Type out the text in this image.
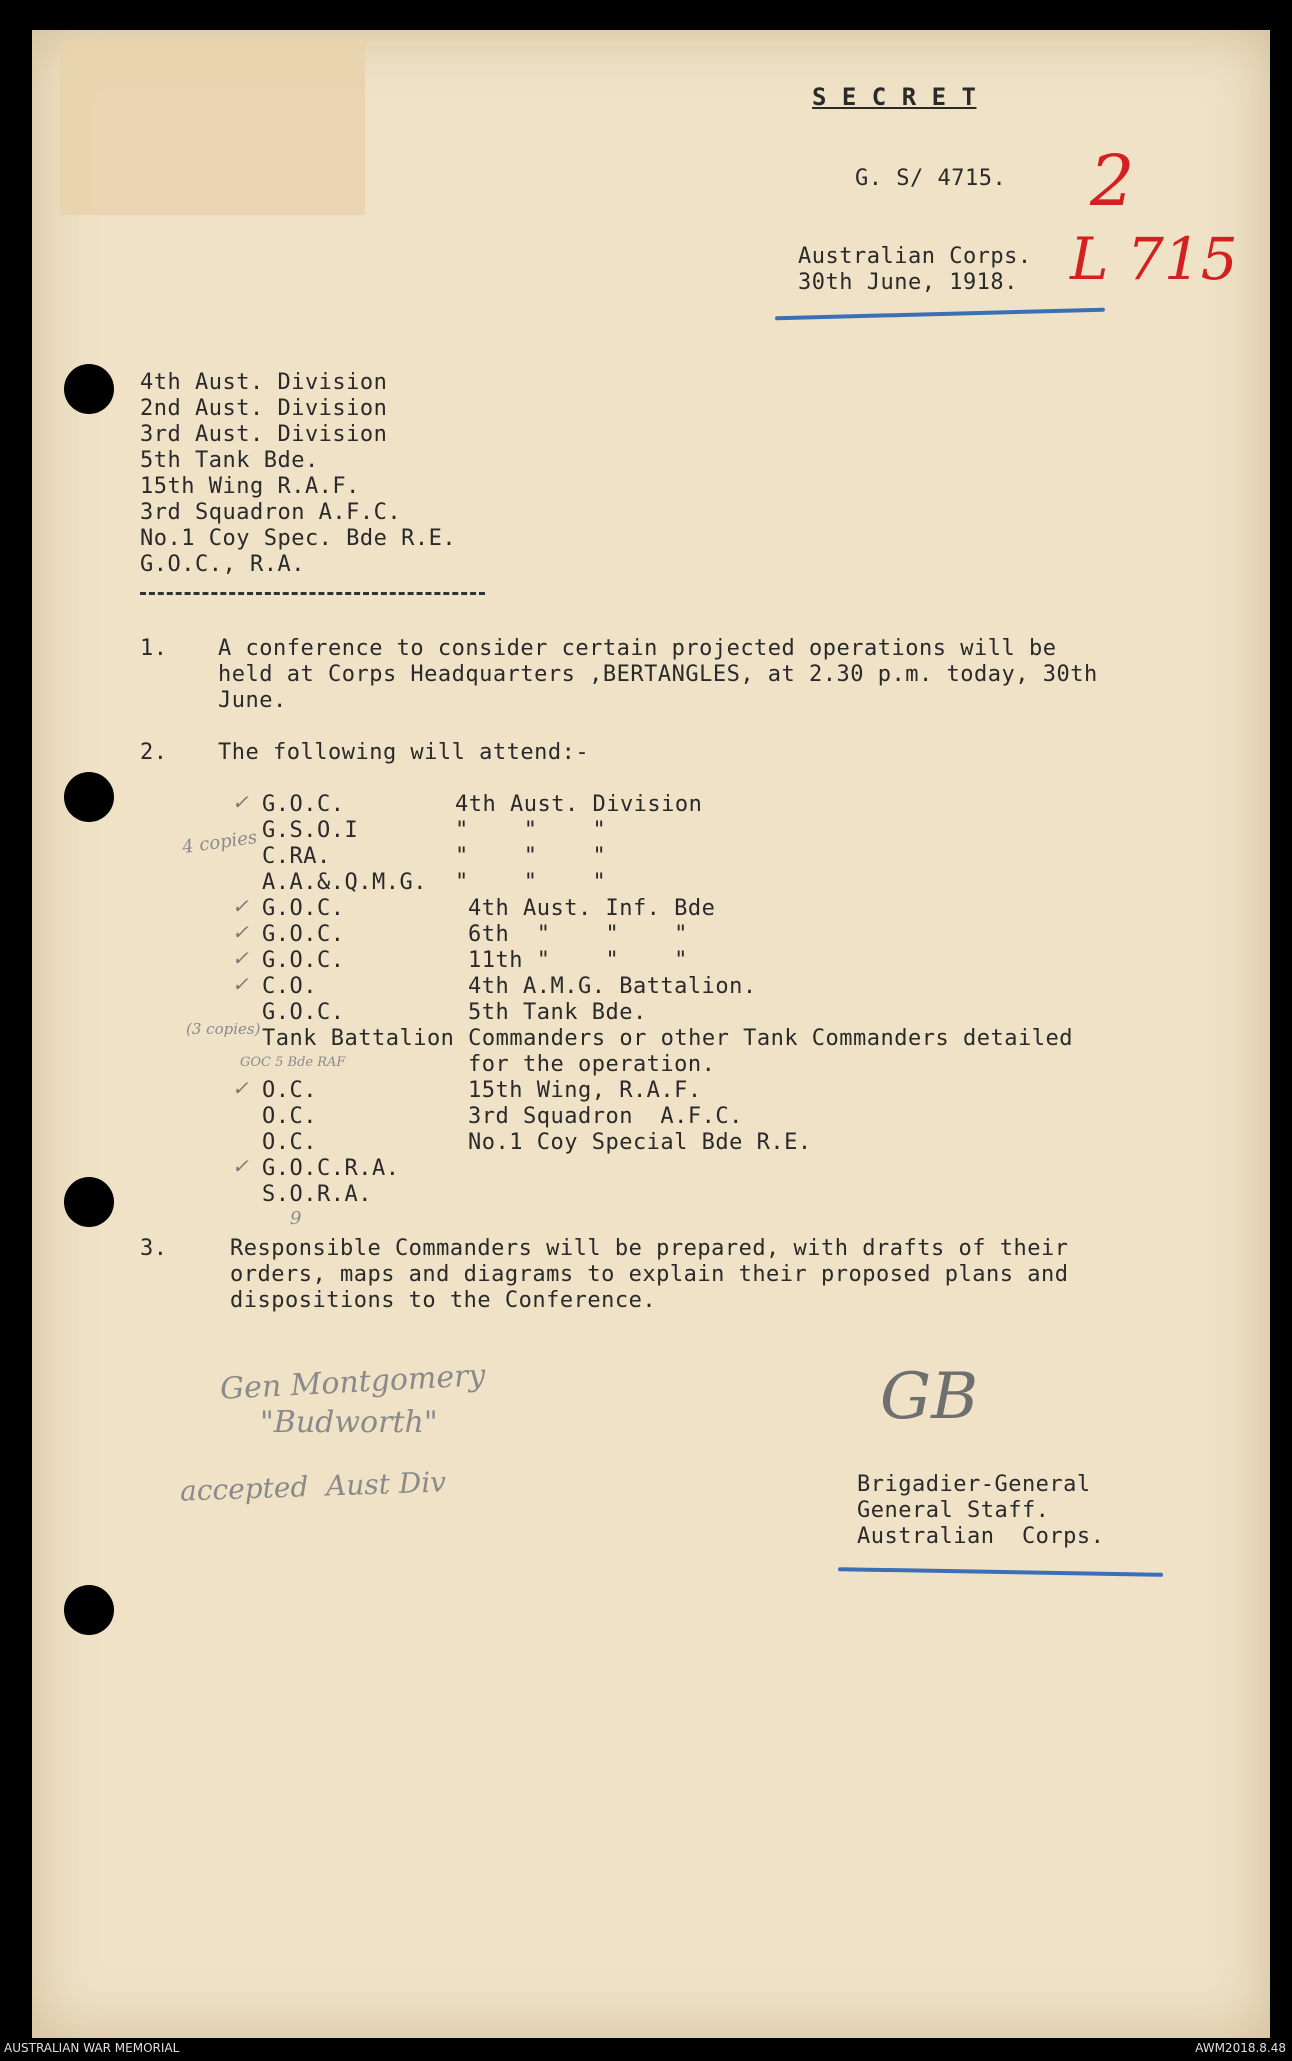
S E C R E T
G. S/ 4715.
Australian Corps.
30th June, 1918.
2
L 715
4th Aust. Division
2nd Aust. Division
3rd Aust. Division
5th Tank Bde.
15th Wing R.A.F.
3rd Squadron A.F.C.
No.1 Coy Spec. Bde R.E.
G.O.C., R.A.
1. A conference to consider certain projected operations will be
held at Corps Headquarters ,BERTANGLES, at 2.30 p.m. today, 30th
June.
2. The following will attend:-
G.O.C.	4th Aust. Division
G.S.O.I	"    "    "
C.RA.	"    "    "
A.A.&.Q.M.G. "    "    "
G.O.C.	4th Aust. Inf. Bde
G.O.C.	6th  "    "    "
G.O.C.	11th "    "    "
C.O.	4th A.M.G. Battalion.
G.O.C.	5th Tank Bde.
Tank Battalion Commanders or other Tank Commanders detailed
for the operation.
O.C.	15th Wing, R.A.F.
O.C.	3rd Squadron  A.F.C.
O.C.	No.1 Coy Special Bde R.E.
G.O.C.R.A.
S.O.R.A.
✓
✓
✓
✓
✓
✓
✓
4 copies
(3 copies)
GOC 5 Bde RAF
9
3.	Responsible Commanders will be prepared, with drafts of their
orders, maps and diagrams to explain their proposed plans and
dispositions to the Conference.
Gen Montgomery
"Budworth"
accepted  Aust Div
GB
Brigadier-General
General Staff.
Australian  Corps.
AUSTRALIAN WAR MEMORIAL	AWM2018.8.48
